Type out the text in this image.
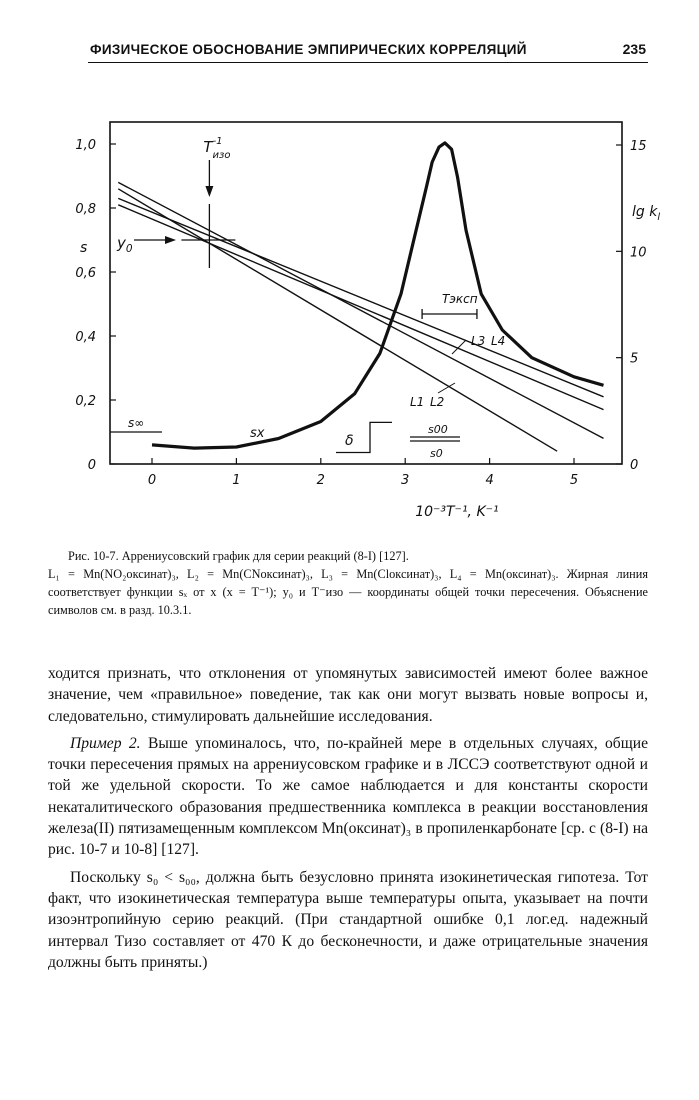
ФИЗИЧЕСКОЕ ОБОСНОВАНИЕ ЭМПИРИЧЕСКИХ КОРРЕЛЯЦИЙ	235
0	1	2	3	4	5
10⁻³T⁻¹, K⁻¹
0
0,2
0,4
0,6
0,8
1,0
s
0
5
10
15
$\lg k_l$
$T^{-1}$ изо
$y_0$
s∞
sx	δ
s00
s0
Tэксп
L3 L4
L1 L2

Рис. 10-7. Аррениусовский график для серии реакций (8-I) [127].

L₁ = Mn(NO₂оксинат)₃, L₂ = Mn(CNоксинат)₃, L₃ = Mn(Clоксинат)₃, L₄ = Mn(оксинат)₃. Жирная линия соответствует функции sₓ от x (x = T⁻¹); y₀ и T⁻изо — координаты общей точки пересечения. Объяснение символов см. в разд. 10.3.1.

ходится признать, что отклонения от упомянутых зависимостей имеют более важное значение, чем «правильное» поведение, так как они могут вызвать новые вопросы и, следовательно, стимулировать дальнейшие исследования.

Пример 2. Выше упоминалось, что, по-крайней мере в отдельных случаях, общие точки пересечения прямых на аррениусовском графике и в ЛССЭ соответствуют одной и той же удельной скорости. То же самое наблюдается и для константы скорости некаталитического образования предшественника комплекса в реакции восстановления железа(II) пятизамещенным комплексом Mn(оксинат)₃ в пропиленкарбонате [ср. с (8-I) на рис. 10-7 и 10-8] [127].

Поскольку s₀ < s₀₀, должна быть безусловно принята изокинетическая гипотеза. Тот факт, что изокинетическая температура выше температуры опыта, указывает на почти изоэнтропийную серию реакций. (При стандартной ошибке 0,1 лог.ед. надежный интервал Tизо составляет от 470 К до бесконечности, и даже отрицательные значения должны быть приняты.)
